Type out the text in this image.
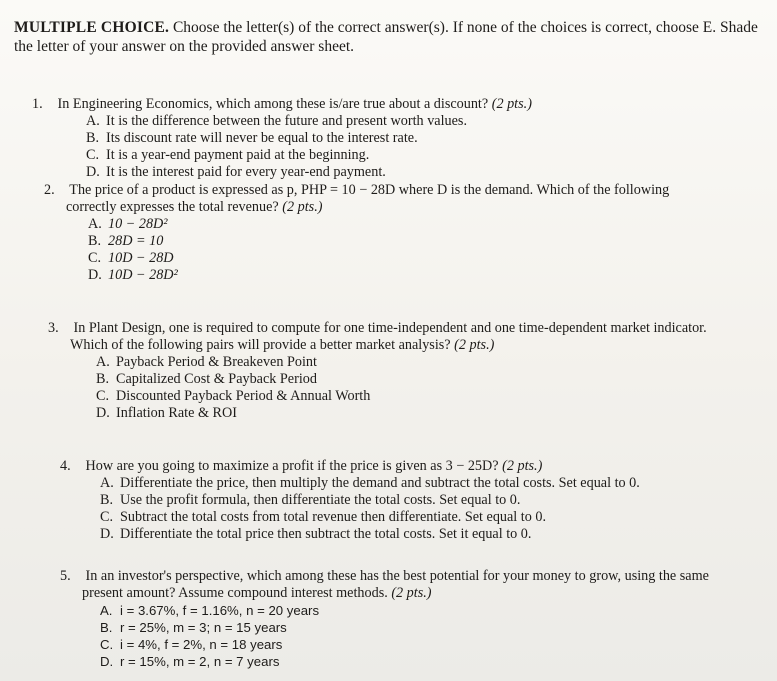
MULTIPLE CHOICE. Choose the letter(s) of the correct answer(s). If none of the choices is correct, choose E. Shade the letter of your answer on the provided answer sheet.
1. In Engineering Economics, which among these is/are true about a discount? (2 pts.)
A. It is the difference between the future and present worth values.
B. Its discount rate will never be equal to the interest rate.
C. It is a year-end payment paid at the beginning.
D. It is the interest paid for every year-end payment.
2. The price of a product is expressed as p, PHP = 10 − 28D where D is the demand. Which of the following
correctly expresses the total revenue? (2 pts.)
A. 10 − 28D²
B. 28D = 10
C. 10D − 28D
D. 10D − 28D²
3. In Plant Design, one is required to compute for one time-independent and one time-dependent market indicator.
Which of the following pairs will provide a better market analysis? (2 pts.)
A. Payback Period & Breakeven Point
B. Capitalized Cost & Payback Period
C. Discounted Payback Period & Annual Worth
D. Inflation Rate & ROI
4. How are you going to maximize a profit if the price is given as 3 − 25D? (2 pts.)
A. Differentiate the price, then multiply the demand and subtract the total costs. Set equal to 0.
B. Use the profit formula, then differentiate the total costs. Set equal to 0.
C. Subtract the total costs from total revenue then differentiate. Set equal to 0.
D. Differentiate the total price then subtract the total costs. Set it equal to 0.
5. In an investor's perspective, which among these has the best potential for your money to grow, using the same
present amount? Assume compound interest methods. (2 pts.)
A. i = 3.67%, f = 1.16%, n = 20 years
B. r = 25%, m = 3; n = 15 years
C. i = 4%, f = 2%, n = 18 years
D. r = 15%, m = 2, n = 7 years
